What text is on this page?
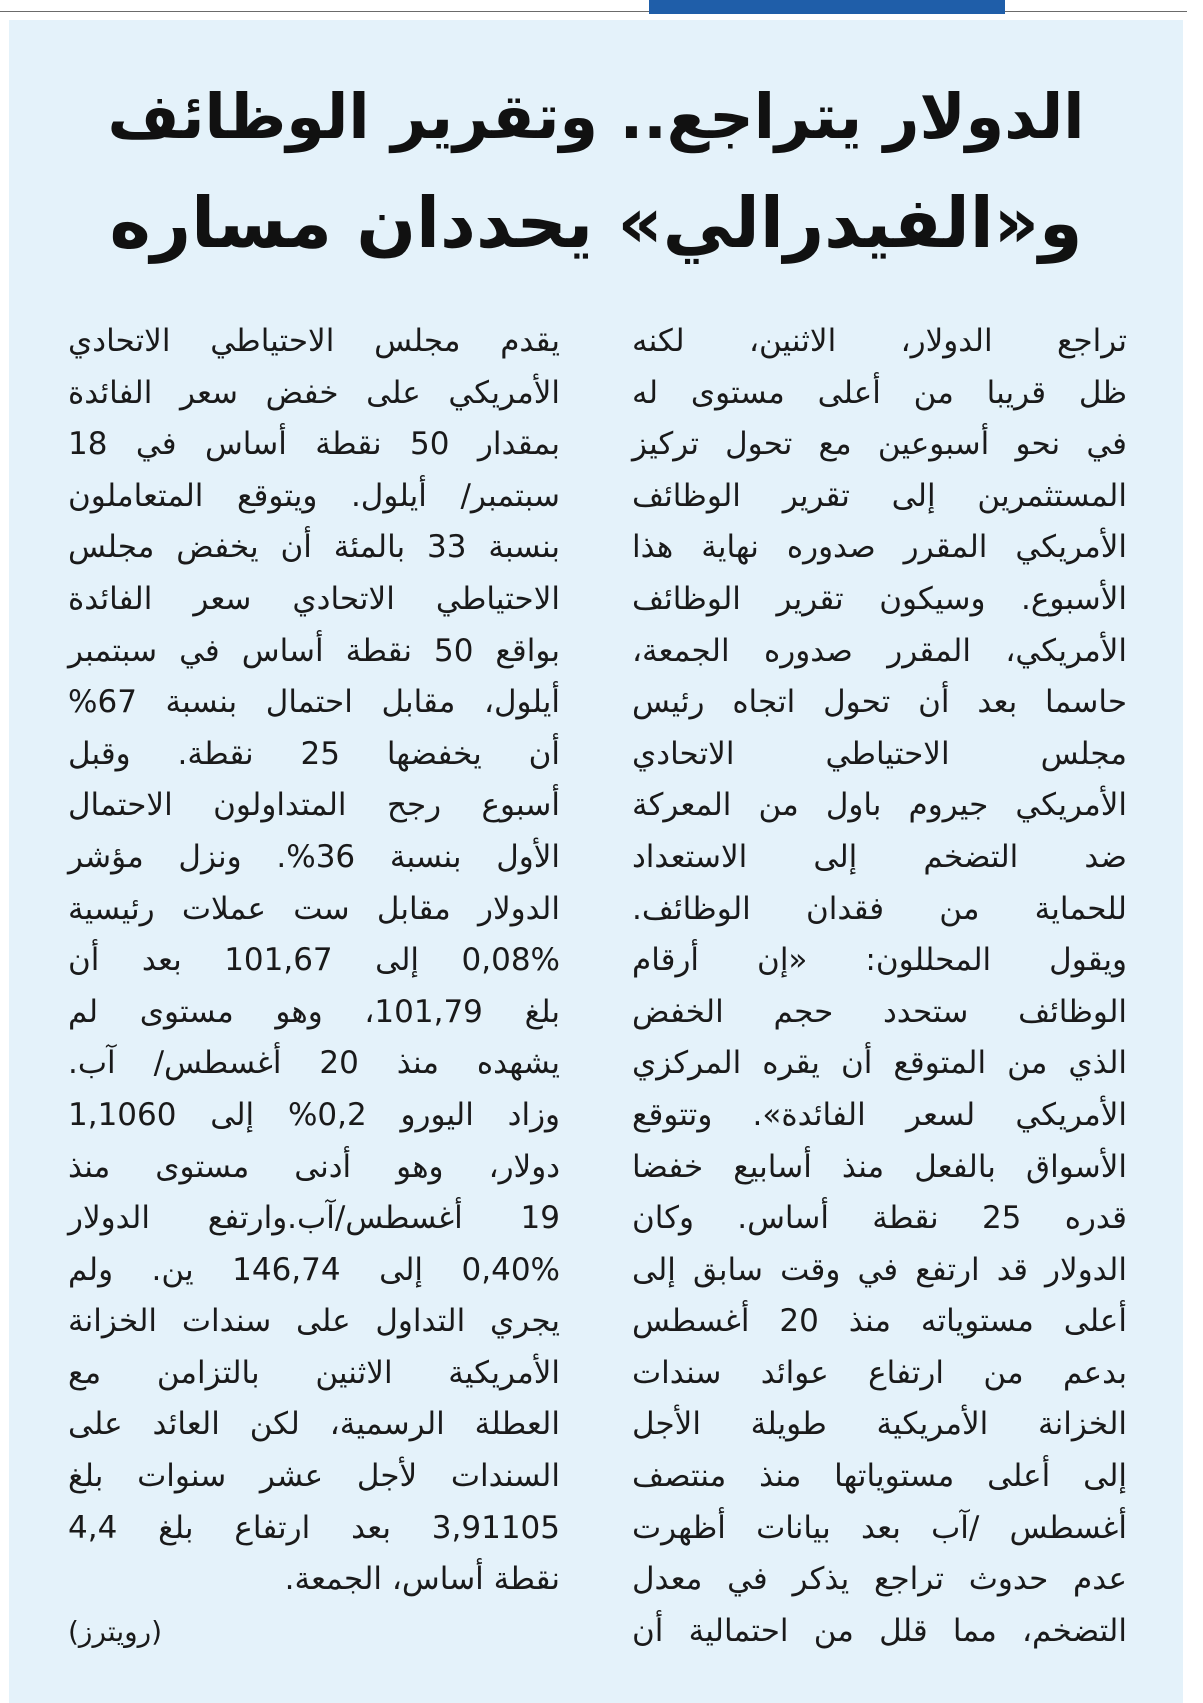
الدولار يتراجع.. وتقرير الوظائف
و«الفيدرالي» يحددان مساره
تراجع الدولار، الاثنين، لكنه
ظل قريبا من أعلى مستوى له
في نحو أسبوعين مع تحول تركيز
المستثمرين إلى تقرير الوظائف
الأمريكي المقرر صدوره نهاية هذا
الأسبوع. وسيكون تقرير الوظائف
الأمريكي، المقرر صدوره الجمعة،
حاسما بعد أن تحول اتجاه رئيس
مجلس الاحتياطي الاتحادي
الأمريكي جيروم باول من المعركة
ضد التضخم إلى الاستعداد
للحماية من فقدان الوظائف.
ويقول المحللون: «إن أرقام
الوظائف ستحدد حجم الخفض
الذي من المتوقع أن يقره المركزي
الأمريكي لسعر الفائدة». وتتوقع
الأسواق بالفعل منذ أسابيع خفضا
قدره 25 نقطة أساس. وكان
الدولار قد ارتفع في وقت سابق إلى
أعلى مستوياته منذ 20 أغسطس
بدعم من ارتفاع عوائد سندات
الخزانة الأمريكية طويلة الأجل
إلى أعلى مستوياتها منذ منتصف
أغسطس /آب بعد بيانات أظهرت
عدم حدوث تراجع يذكر في معدل
التضخم، مما قلل من احتمالية أن
يقدم مجلس الاحتياطي الاتحادي
الأمريكي على خفض سعر الفائدة
بمقدار 50 نقطة أساس في 18
سبتمبر/ أيلول. ويتوقع المتعاملون
بنسبة 33 بالمئة أن يخفض مجلس
الاحتياطي الاتحادي سعر الفائدة
بواقع 50 نقطة أساس في سبتمبر
أيلول، مقابل احتمال بنسبة 67%
أن يخفضها 25 نقطة. وقبل
أسبوع رجح المتداولون الاحتمال
الأول بنسبة 36%. ونزل مؤشر
الدولار مقابل ست عملات رئيسية
0,08% إلى 101,67 بعد أن
بلغ 101,79، وهو مستوى لم
يشهده منذ 20 أغسطس/ آب.
وزاد اليورو 0,2% إلى 1,1060
دولار، وهو أدنى مستوى منذ
19 أغسطس/آب.وارتفع الدولار
0,40% إلى 146,74 ين. ولم
يجري التداول على سندات الخزانة
الأمريكية الاثنين بالتزامن مع
العطلة الرسمية، لكن العائد على
السندات لأجل عشر سنوات بلغ
3,91105 بعد ارتفاع بلغ 4,4
نقطة أساس، الجمعة.
(رويترز)
